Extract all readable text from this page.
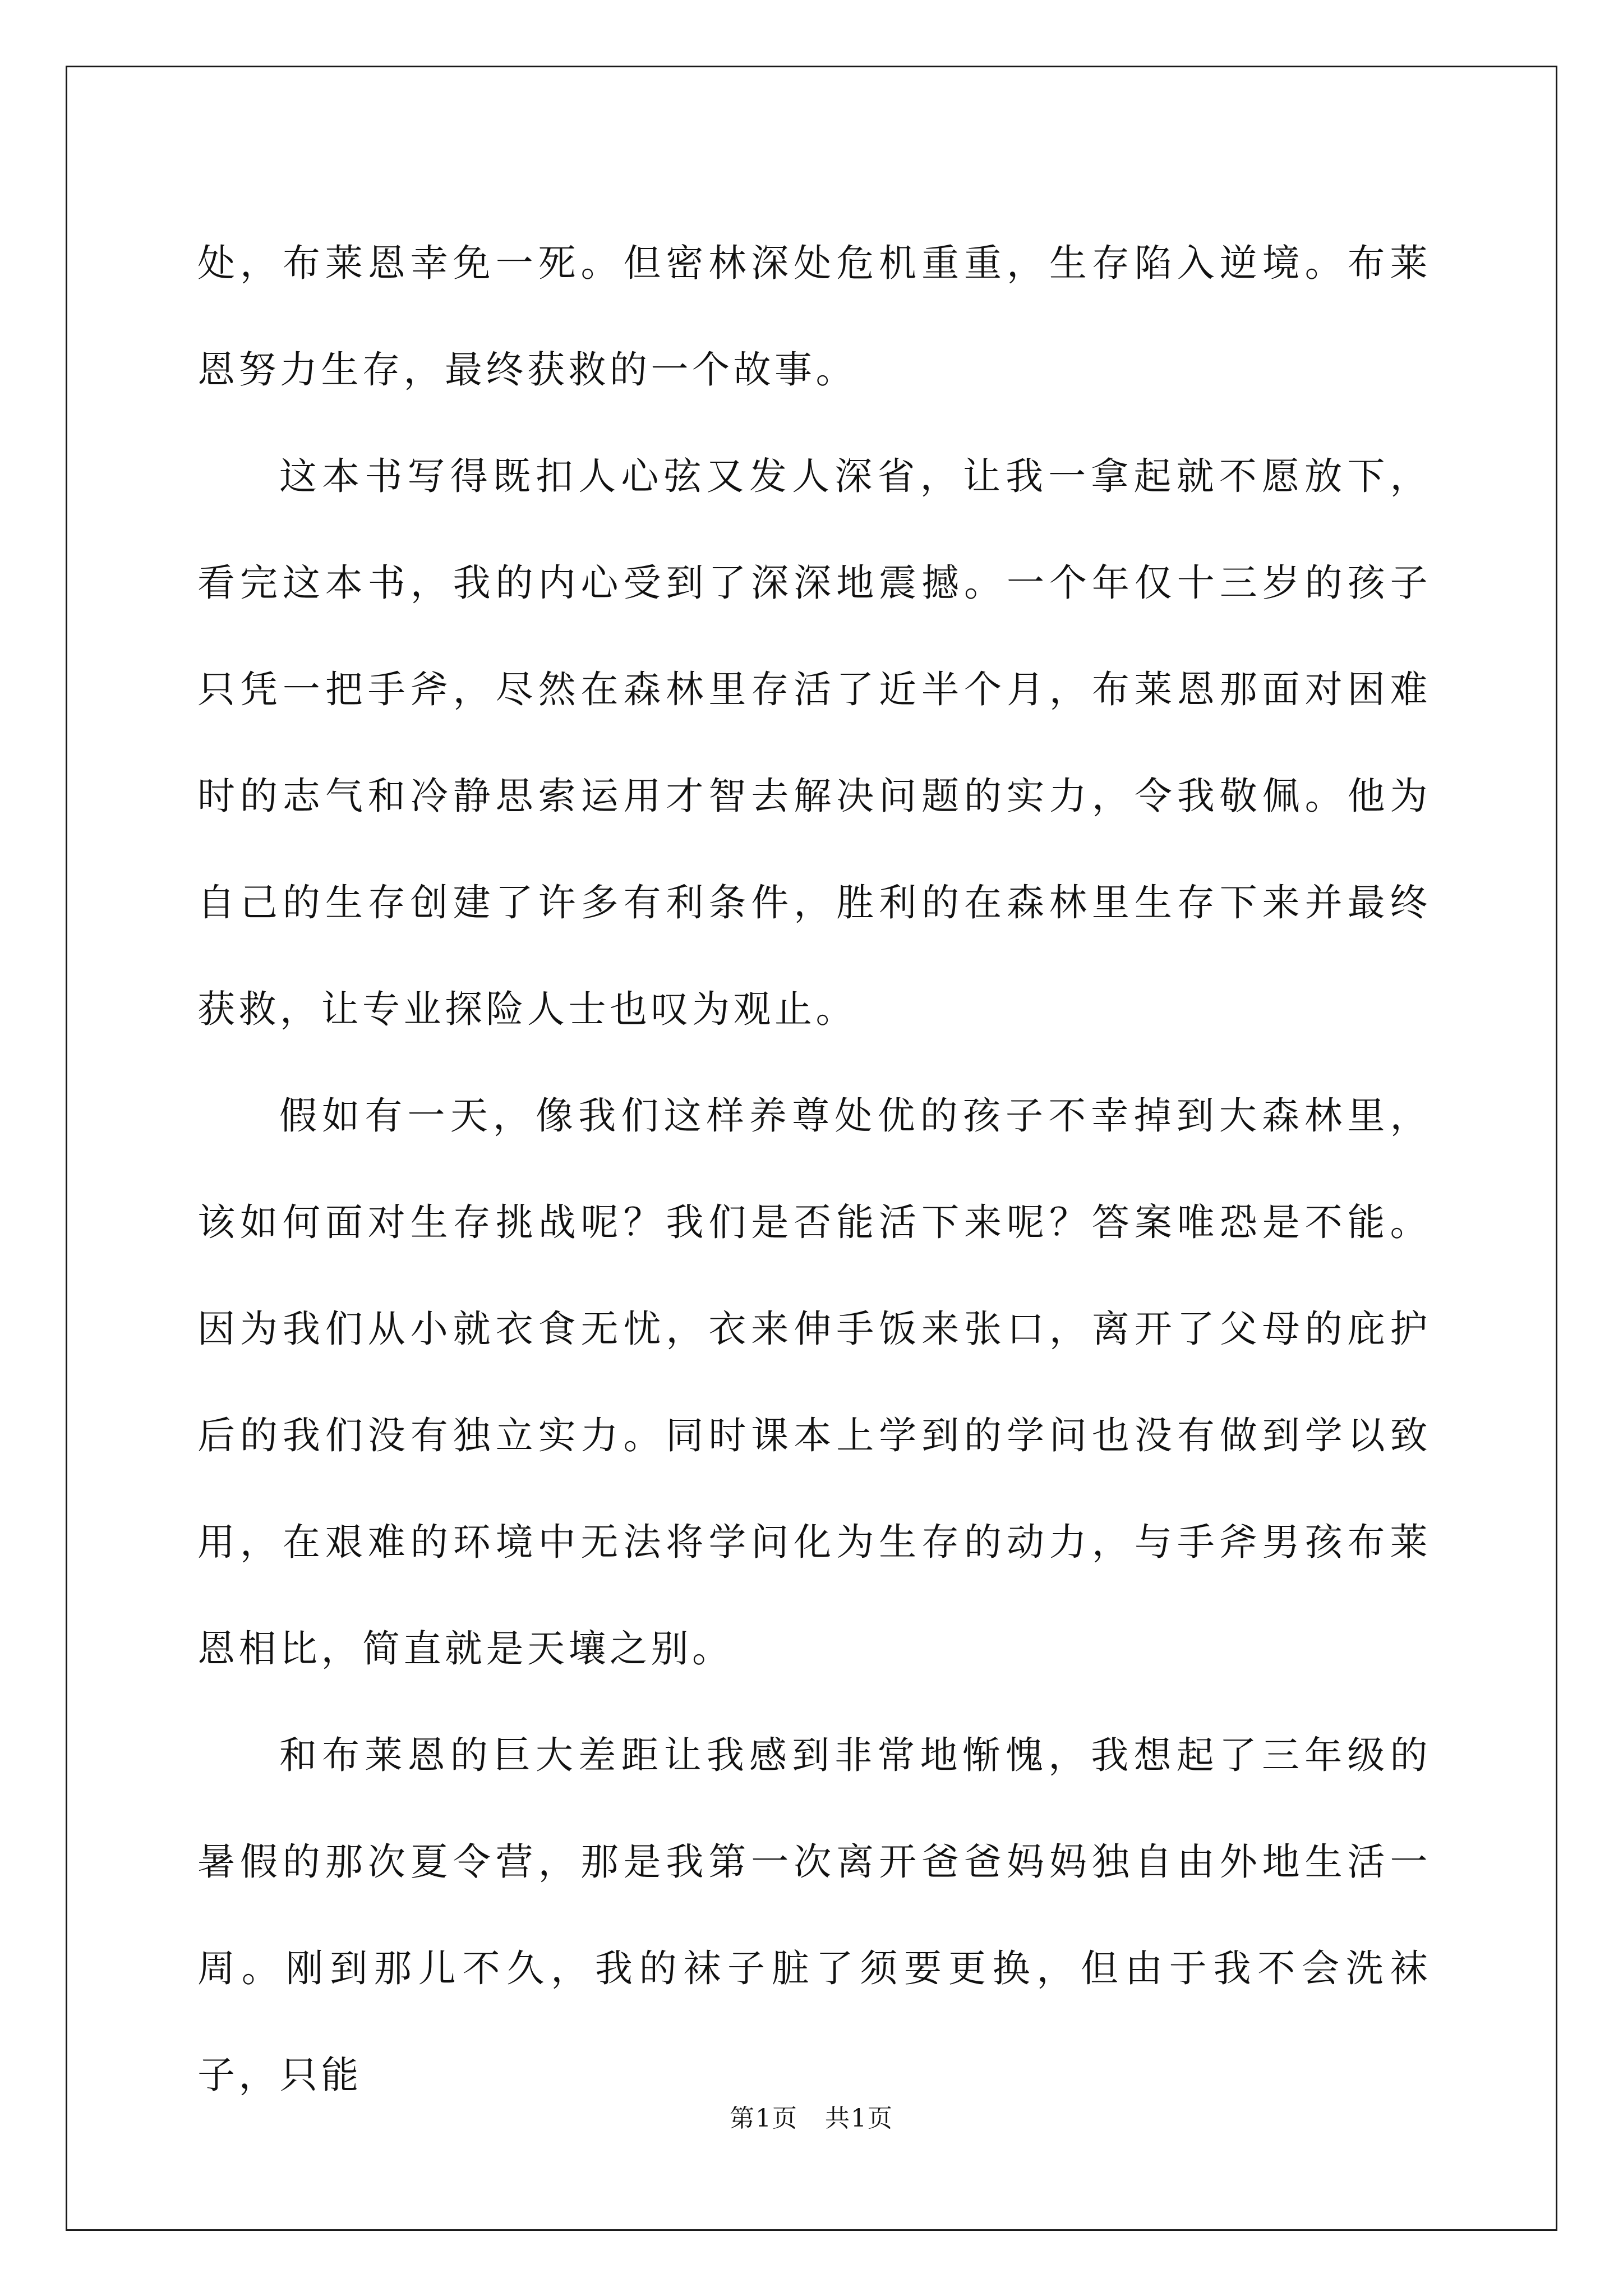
处，布莱恩幸免一死。但密林深处危机重重，生存陷入逆境。布莱恩努力生存，最终获救的一个故事。

这本书写得既扣人心弦又发人深省，让我一拿起就不愿放下，看完这本书，我的内心受到了深深地震撼。一个年仅十三岁的孩子只凭一把手斧，尽然在森林里存活了近半个月，布莱恩那面对困难时的志气和冷静思索运用才智去解决问题的实力，令我敬佩。他为自己的生存创建了许多有利条件，胜利的在森林里生存下来并最终获救，让专业探险人士也叹为观止。

假如有一天，像我们这样养尊处优的孩子不幸掉到大森林里，该如何面对生存挑战呢？我们是否能活下来呢？答案唯恐是不能。因为我们从小就衣食无忧，衣来伸手饭来张口，离开了父母的庇护后的我们没有独立实力。同时课本上学到的学问也没有做到学以致用，在艰难的环境中无法将学问化为生存的动力，与手斧男孩布莱恩相比，简直就是天壤之别。

和布莱恩的巨大差距让我感到非常地惭愧，我想起了三年级的暑假的那次夏令营，那是我第一次离开爸爸妈妈独自由外地生活一周。刚到那儿不久，我的袜子脏了须要更换，但由于我不会洗袜子，只能

第1页 共1页
